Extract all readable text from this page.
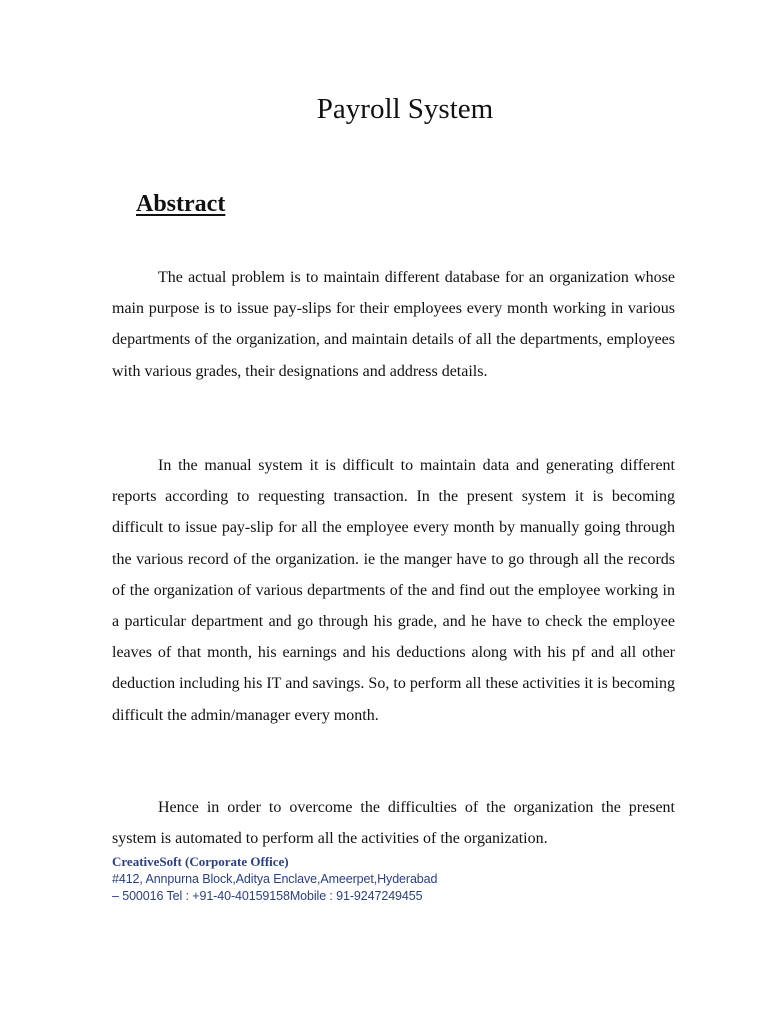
Payroll System
Abstract

The actual problem is to maintain different database for an organization whose main purpose is to issue pay-slips for their employees every month working in various departments of the organization, and maintain details of all the departments, employees with various grades, their designations and address details.

In the manual system it is difficult to maintain data and generating different reports according to requesting transaction. In the present system it is becoming difficult to issue pay-slip for all the employee every month by manually going through the various record of the organization. ie the manger have to go through all the records of the organization of various departments of the and find out the employee working in a particular department and go through his grade, and he have to check the employee leaves of that month, his earnings and his deductions along with his pf and all other deduction including his IT and savings. So, to perform all these activities it is becoming difficult the admin/manager every month.

Hence in order to overcome the difficulties of the organization the present system is automated to perform all the activities of the organization.

CreativeSoft (Corporate Office)
#412, Annpurna Block,Aditya Enclave,Ameerpet,Hyderabad
– 500016 Tel : +91-40-40159158Mobile : 91-9247249455
